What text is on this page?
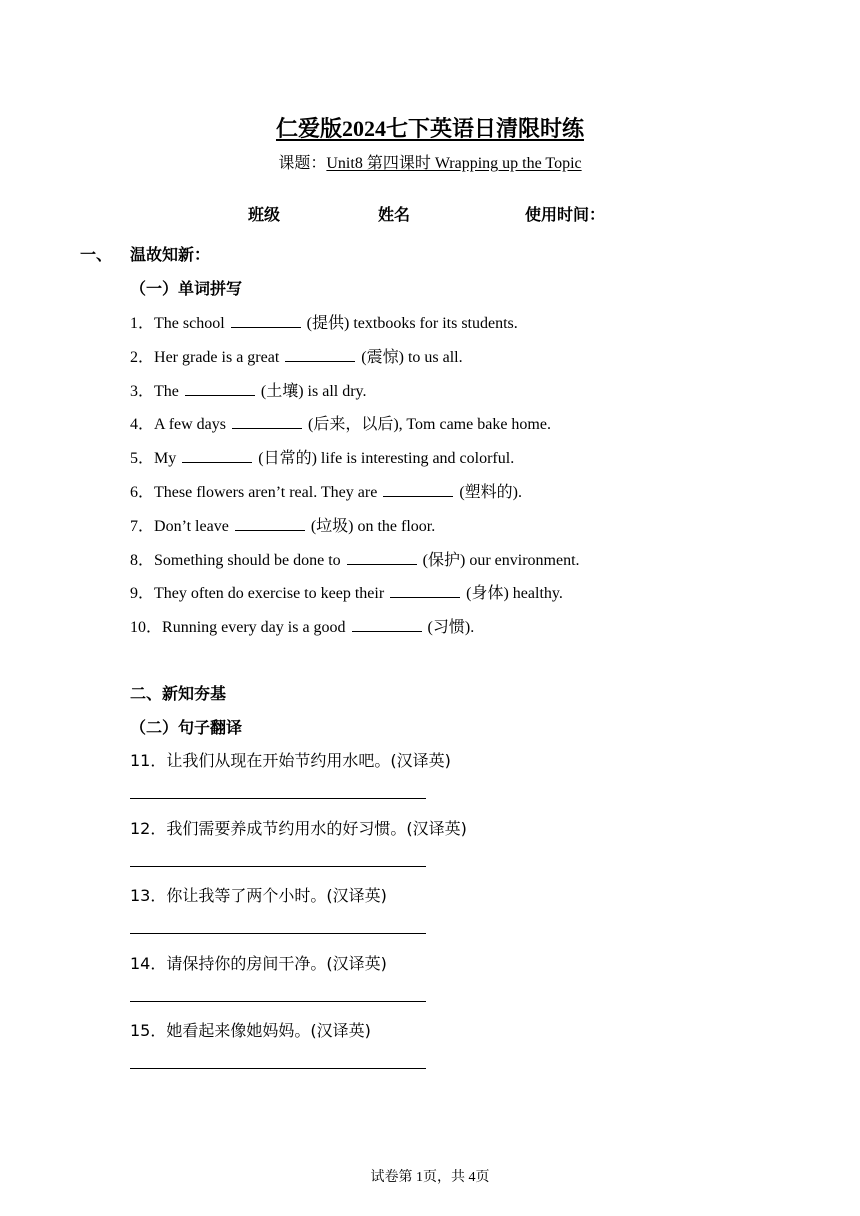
仁爱版2024七下英语日清限时练
课题：Unit8 第四课时 Wrapping up the Topic
班级	姓名	使用时间：
一、 温故知新：
（一）单词拼写
1．The school	(提供) textbooks for its students.
2．Her grade is a great	(震惊) to us all.
3．The	(土壤) is all dry.
4．A few days	(后来，以后), Tom came bake home.
5．My	(日常的) life is interesting and colorful.
6．These flowers aren’t real. They are	(塑料的).
7．Don’t leave	(垃圾) on the floor.
8．Something should be done to	(保护) our environment.
9．They often do exercise to keep their	(身体) healthy.
10．Running every day is a good	(习惯).
二、新知夯基
（二）句子翻译
11．让我们从现在开始节约用水吧。(汉译英)
12．我们需要养成节约用水的好习惯。(汉译英)
13．你让我等了两个小时。(汉译英)
14．请保持你的房间干净。(汉译英)
15．她看起来像她妈妈。(汉译英)
试卷第 1页，共 4页
